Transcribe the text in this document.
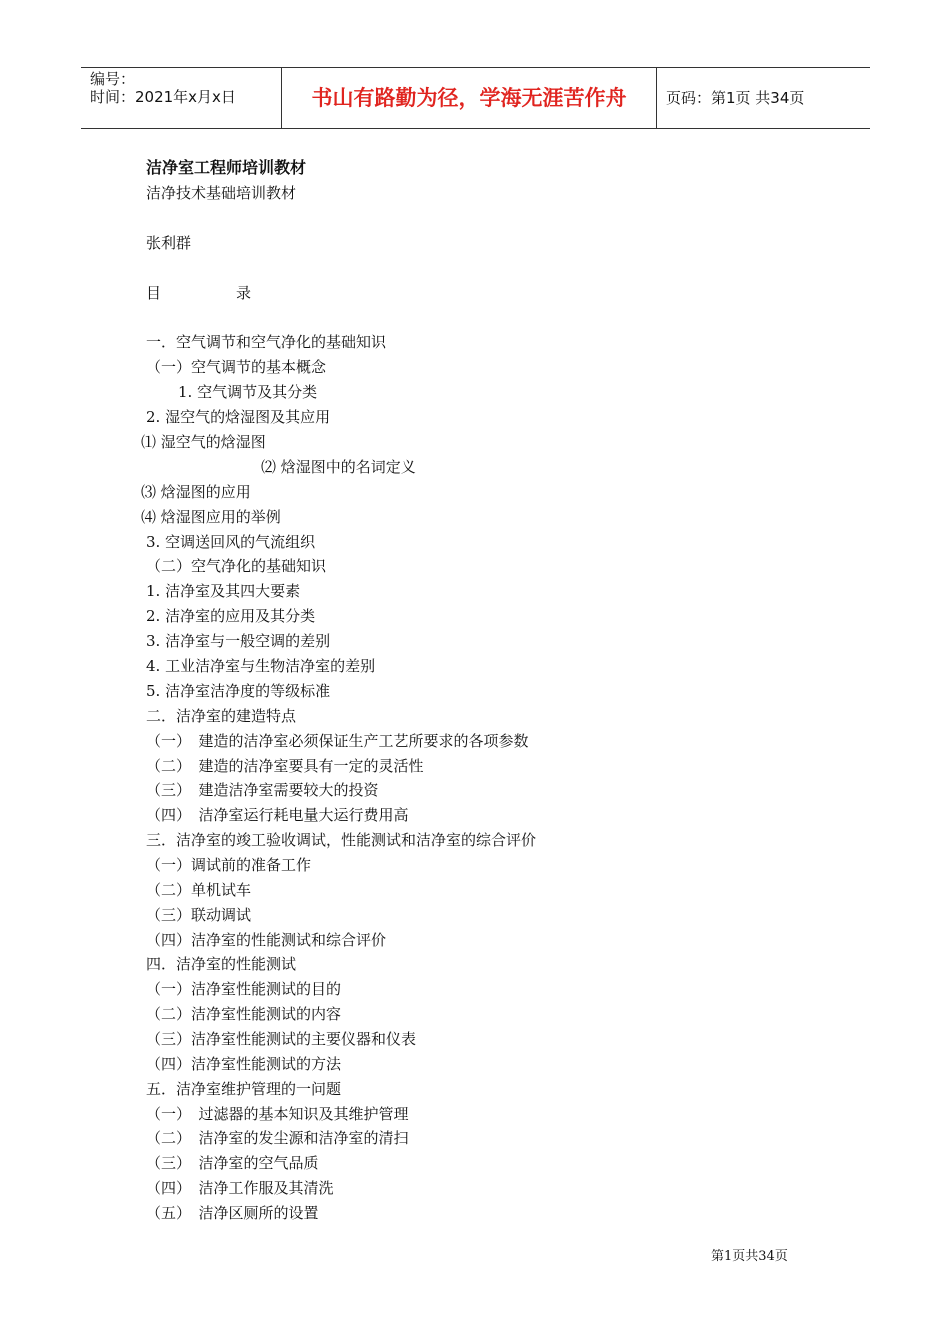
编号：
时间：2021年x月x日	书山有路勤为径，学海无涯苦作舟	页码：第1页 共34页
洁净室工程师培训教材
洁净技术基础培训教材
张利群
目　　　　　录
一．空气调节和空气净化的基础知识
（一）空气调节的基本概念
1. 空气调节及其分类
2. 湿空气的焓湿图及其应用
⑴ 湿空气的焓湿图
⑵ 焓湿图中的名词定义
⑶ 焓湿图的应用
⑷ 焓湿图应用的举例
3. 空调送回风的气流组织
（二）空气净化的基础知识
1. 洁净室及其四大要素
2. 洁净室的应用及其分类
3. 洁净室与一般空调的差别
4. 工业洁净室与生物洁净室的差别
5. 洁净室洁净度的等级标准
二．洁净室的建造特点
（一）　建造的洁净室必须保证生产工艺所要求的各项参数
（二）　建造的洁净室要具有一定的灵活性
（三）　建造洁净室需要较大的投资
（四）　洁净室运行耗电量大运行费用高
三．洁净室的竣工验收调试，性能测试和洁净室的综合评价
（一）调试前的准备工作
（二）单机试车
（三）联动调试
（四）洁净室的性能测试和综合评价
四．洁净室的性能测试
（一）洁净室性能测试的目的
（二）洁净室性能测试的内容
（三）洁净室性能测试的主要仪器和仪表
（四）洁净室性能测试的方法
五．洁净室维护管理的一问题
（一）　过滤器的基本知识及其维护管理
（二）　洁净室的发尘源和洁净室的清扫
（三）　洁净室的空气品质
（四）　洁净工作服及其清洗
（五）　洁净区厕所的设置
第1页共34页
